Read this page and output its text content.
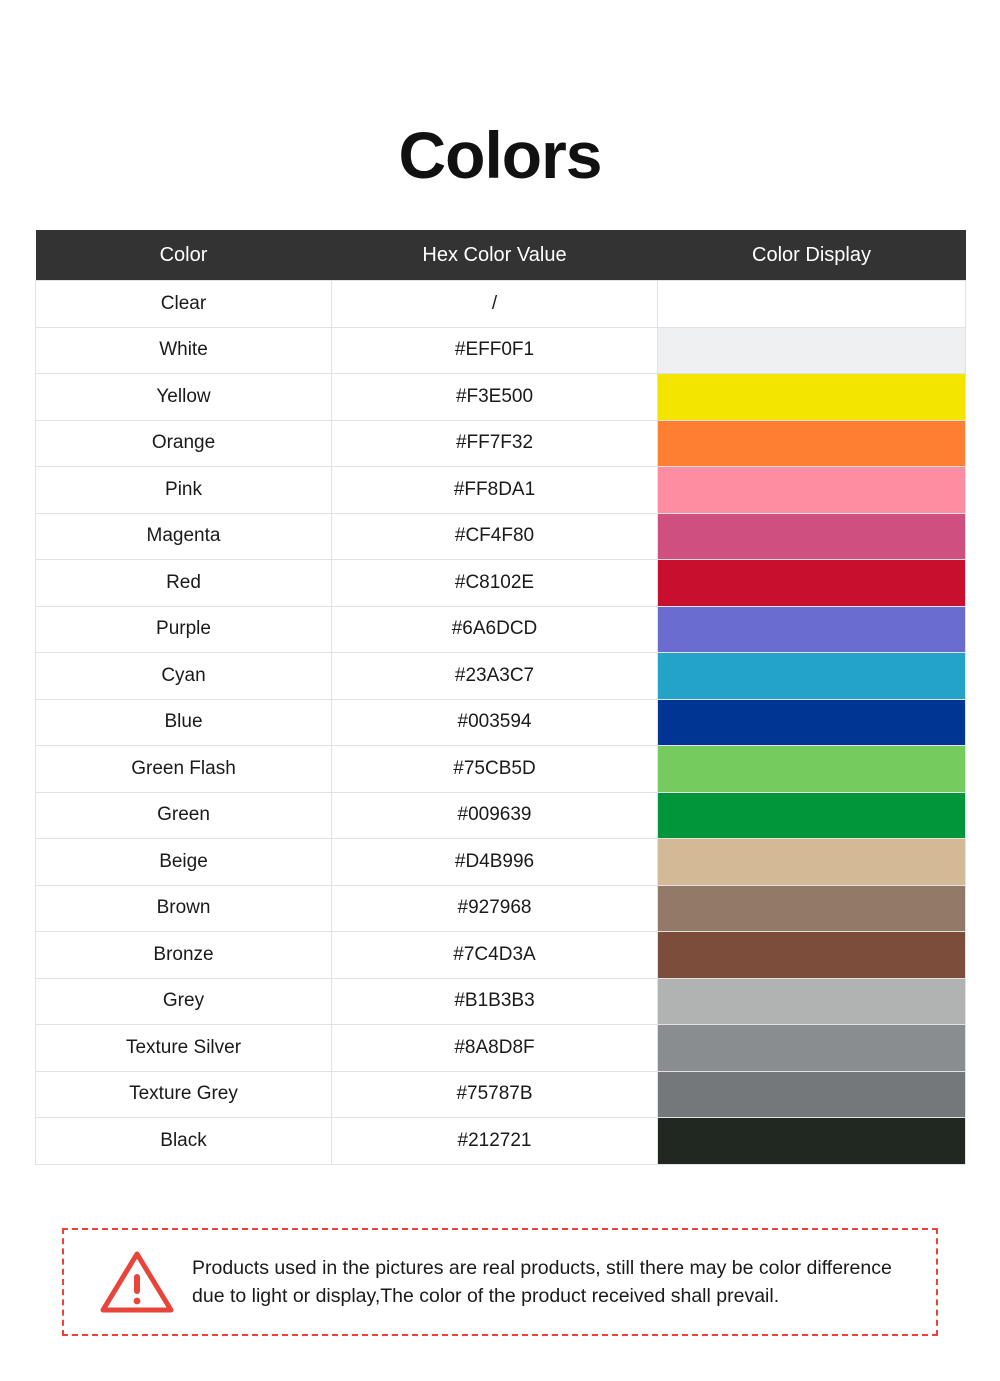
Colors
Color	Hex Color Value	Color Display
Clear	/	

White	#EFF0F1	

Yellow	#F3E500	

Orange	#FF7F32	

Pink	#FF8DA1	

Magenta	#CF4F80	

Red	#C8102E	

Purple	#6A6DCD	

Cyan	#23A3C7	

Blue	#003594	

Green Flash	#75CB5D	

Green	#009639	

Beige	#D4B996	

Brown	#927968	

Bronze	#7C4D3A	

Grey	#B1B3B3	

Texture Silver	#8A8D8F	

Texture Grey	#75787B	

Black	#212721	
Products used in the pictures are real products, still there may be color difference due to light or display,The color of the product received shall prevail.
